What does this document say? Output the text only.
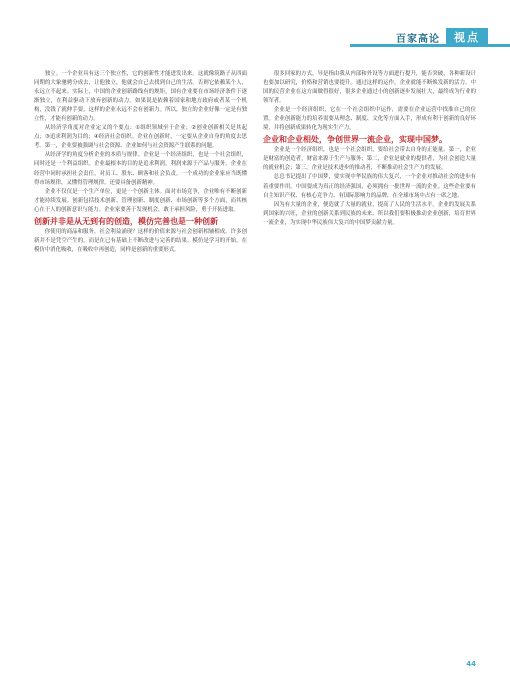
百家高论	视点

独立。一个企业具有这三个独立性，它的创新性才能进发出来。这就像筑路子从四面同期的大象驰骋分成去，让他独立，他就会自己去找到自己的生活。否则它依赖某个人，永远立不起来。实际上，中国的企业创新路线有的规矩，国有企业要在市场经济条件下逐渐独立，在利益驱动下放弃创新的动力。如果说是依赖着国家和地方政府或者某一个机构，没钱了就伸手要，这样的企业永远不会有创新力。所以，独立的企业好像一定是有独立性，才能有创新的动力。

从经济学角度对企业定义的个要点：①组织领域至于企业；②创业创新相关是其起点；③追求利润为目的；④经济社会组织。企业在创新时，一定要从企业自身的角度去思考。第一，企业要被强调与社会资源、企业如何与社会资源产生联系的问题。

从经济学的角度分析企业的本质与规律。企业是一个经济组织，也是一个社会组织，同时还是一个利益组织。企业最根本的目的是追求利润，利润来源于产品与服务。企业在经营中同时承担社会责任，对员工、股东、顾客和社会负责。一个成功的企业家应当既懂得市场规律，又懂得管理规律，还要具备创新精神。

企业不仅仅是一个生产单位，更是一个创新主体。面对市场竞争，企业唯有不断创新才能持续发展。创新包括技术创新、管理创新、制度创新、市场创新等多个方面，而其核心在于人的创新意识与能力。企业家要善于发现机会，敢于承担风险，勇于开拓进取。

创新并非是从无到有的创造，模仿完善也是一种创新

你使用的商品和服务，社会利益涌现？这样的价值来源与社会创新相辅相成。许多创新并不是凭空产生的，而是在已有基础上不断改进与完善的结果。模仿是学习的开始，在模仿中消化吸收，在吸收中再创造，同样是创新的重要形式。

很多回家的方式，导是指由我从内部和外设等方面进行提升，能否突破，各种新设计也要加以研究，价格和营销也要提升。通过这样的运作，企业就能不断焕发新的活力。中国的民营企业在这方面做得很好，很多企业通过小的创新逐步发展壮大，最终成为行业的领军者。

企业是一个经济组织，它在一个社会组织中运作，需要在企业运营中找准自己的位置。企业创新能力的培养需要从理念、制度、文化等方面入手，形成有利于创新的良好环境，并将创新成果转化为现实生产力。

企业和企业相处，争创世界一流企业，实现中国梦。

企业是一个经济组织，也是一个社会组织，要给社会带去自身的正能量。第一，企业是财富的创造者，财富来源于生产与服务；第二，企业是就业的提供者，为社会创造大量的就业机会；第三，企业是技术进步的推动者，不断推动社会生产力的发展。

总总书记提出了中国梦，要实现中华民族的伟大复兴，一个企业对推动社会的进步有着重要作用。中国要成为真正的经济强国，必须拥有一批世界一流的企业。这些企业要有自主知识产权、有核心竞争力、有国际影响力的品牌，在全球市场中占有一席之地。

因为有大量的企业，便造就了大量的就业，提高了人民的生活水平。企业的发展关系到国家的兴旺，企业的创新关系到民族的未来。所以我们要积极推动企业创新，培育世界一流企业，为实现中华民族伟大复兴的中国梦贡献力量。

44
